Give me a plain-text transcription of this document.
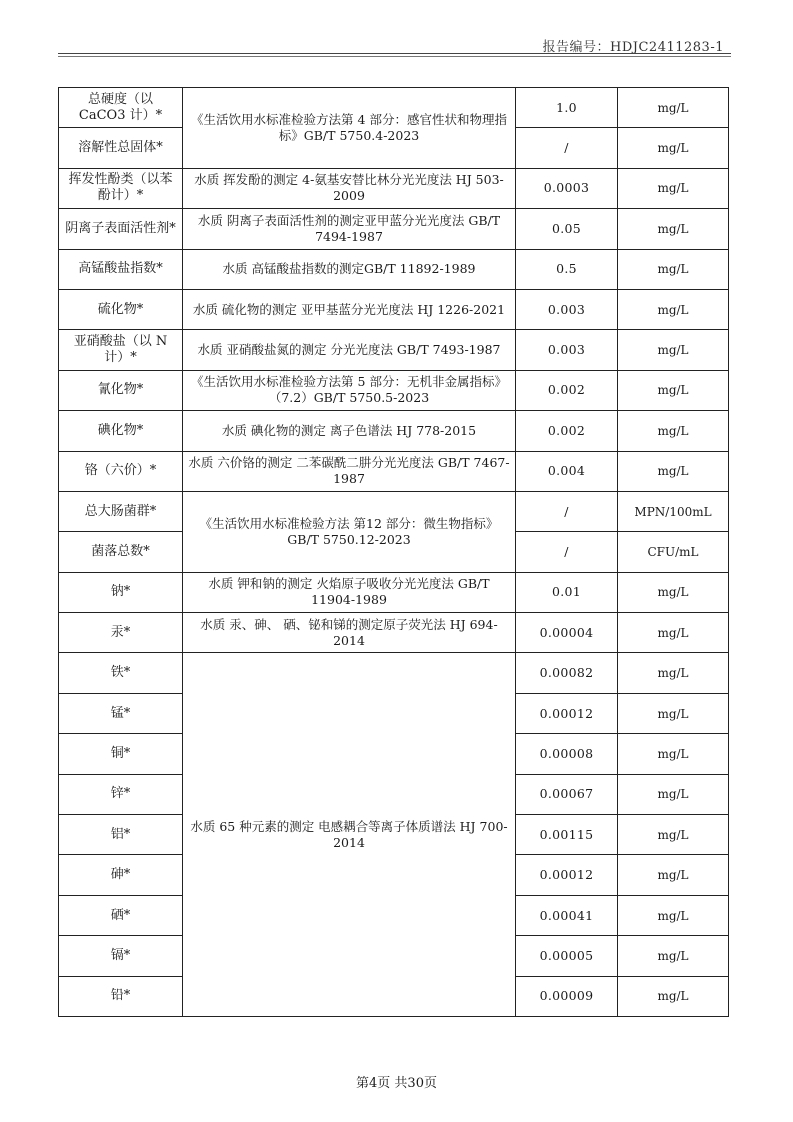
报告编号：HDJC2411283-1
总硬度（以 CaCO3 计）*	《生活饮用水标准检验方法第 4 部分：感官性状和物理指标》GB/T 5750.4-2023	1.0	mg/L
溶解性总固体*		/	mg/L
挥发性酚类（以苯酚计）*	水质 挥发酚的测定 4-氨基安替比林分光光度法 HJ 503-2009	0.0003	mg/L
阴离子表面活性剂*	水质 阴离子表面活性剂的测定亚甲蓝分光光度法 GB/T 7494-1987	0.05	mg/L
高锰酸盐指数*	水质 高锰酸盐指数的测定GB/T 11892-1989	0.5	mg/L
硫化物*	水质 硫化物的测定 亚甲基蓝分光光度法 HJ 1226-2021	0.003	mg/L
亚硝酸盐（以 N 计）*	水质 亚硝酸盐氮的测定 分光光度法 GB/T 7493-1987	0.003	mg/L
氰化物*	《生活饮用水标准检验方法第 5 部分：无机非金属指标》（7.2）GB/T 5750.5-2023	0.002	mg/L
碘化物*	水质 碘化物的测定 离子色谱法 HJ 778-2015	0.002	mg/L
铬（六价）*	水质 六价铬的测定 二苯碳酰二肼分光光度法 GB/T 7467-1987	0.004	mg/L
总大肠菌群*	《生活饮用水标准检验方法 第12 部分：微生物指标》GB/T 5750.12-2023	/	MPN/100mL
菌落总数*		/	CFU/mL
钠*	水质 钾和钠的测定 火焰原子吸收分光光度法 GB/T 11904-1989	0.01	mg/L
汞*	水质 汞、砷、 硒、铋和锑的测定原子荧光法 HJ 694-2014	0.00004	mg/L
铁*	水质 65 种元素的测定 电感耦合等离子体质谱法 HJ 700-2014	0.00082	mg/L
锰*		0.00012	mg/L
铜*		0.00008	mg/L
锌*		0.00067	mg/L
铝*		0.00115	mg/L
砷*		0.00012	mg/L
硒*		0.00041	mg/L
镉*		0.00005	mg/L
铅*		0.00009	mg/L
第4页 共30页
